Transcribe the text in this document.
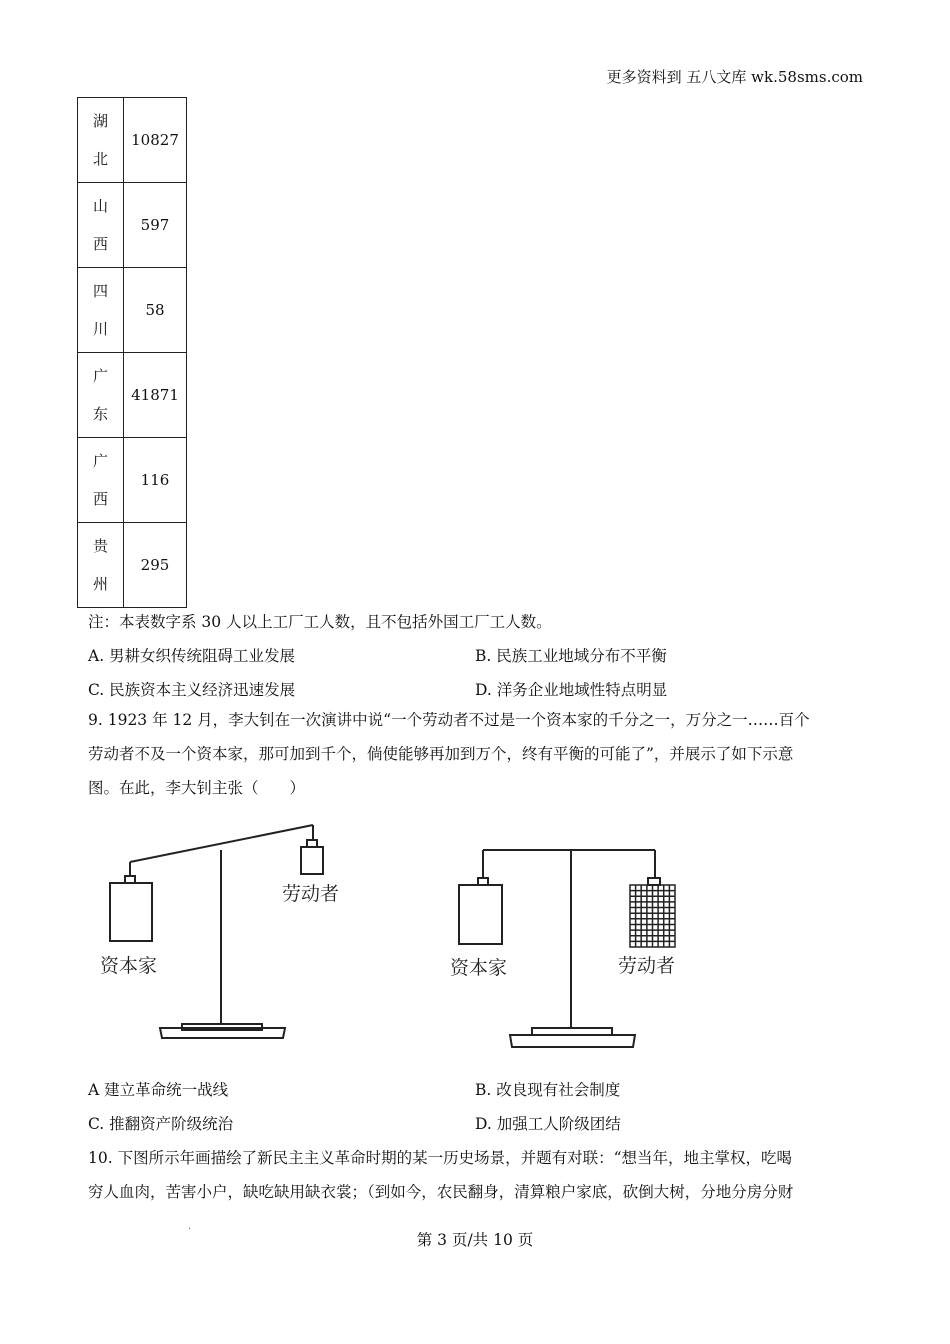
更多资料到 五八文库 wk.58sms.com
湖
北	10827

山
西	597

四
川	58

广
东	41871

广
西	116

贵
州	295
注：本表数字系 30 人以上工厂工人数，且不包括外国工厂工人数。
A. 男耕女织传统阻碍工业发展	B. 民族工业地域分布不平衡
C. 民族资本主义经济迅速发展	D. 洋务企业地域性特点明显
9. 1923 年 12 月，李大钊在一次演讲中说“一个劳动者不过是一个资本家的千分之一，万分之一……百个
劳动者不及一个资本家，那可加到千个，倘使能够再加到万个，终有平衡的可能了”，并展示了如下示意
图。在此，李大钊主张（　　）
资本家
劳动者
资本家	劳动者
A 建立革命统一战线	B. 改良现有社会制度
C. 推翻资产阶级统治	D. 加强工人阶级团结
10. 下图所示年画描绘了新民主主义革命时期的某一历史场景，并题有对联：“想当年，地主掌权，吃喝
穷人血肉，苦害小户，缺吃缺用缺衣裳；（到如今，农民翻身，清算粮户家底，砍倒大树，分地分房分财
·
第 3 页/共 10 页
